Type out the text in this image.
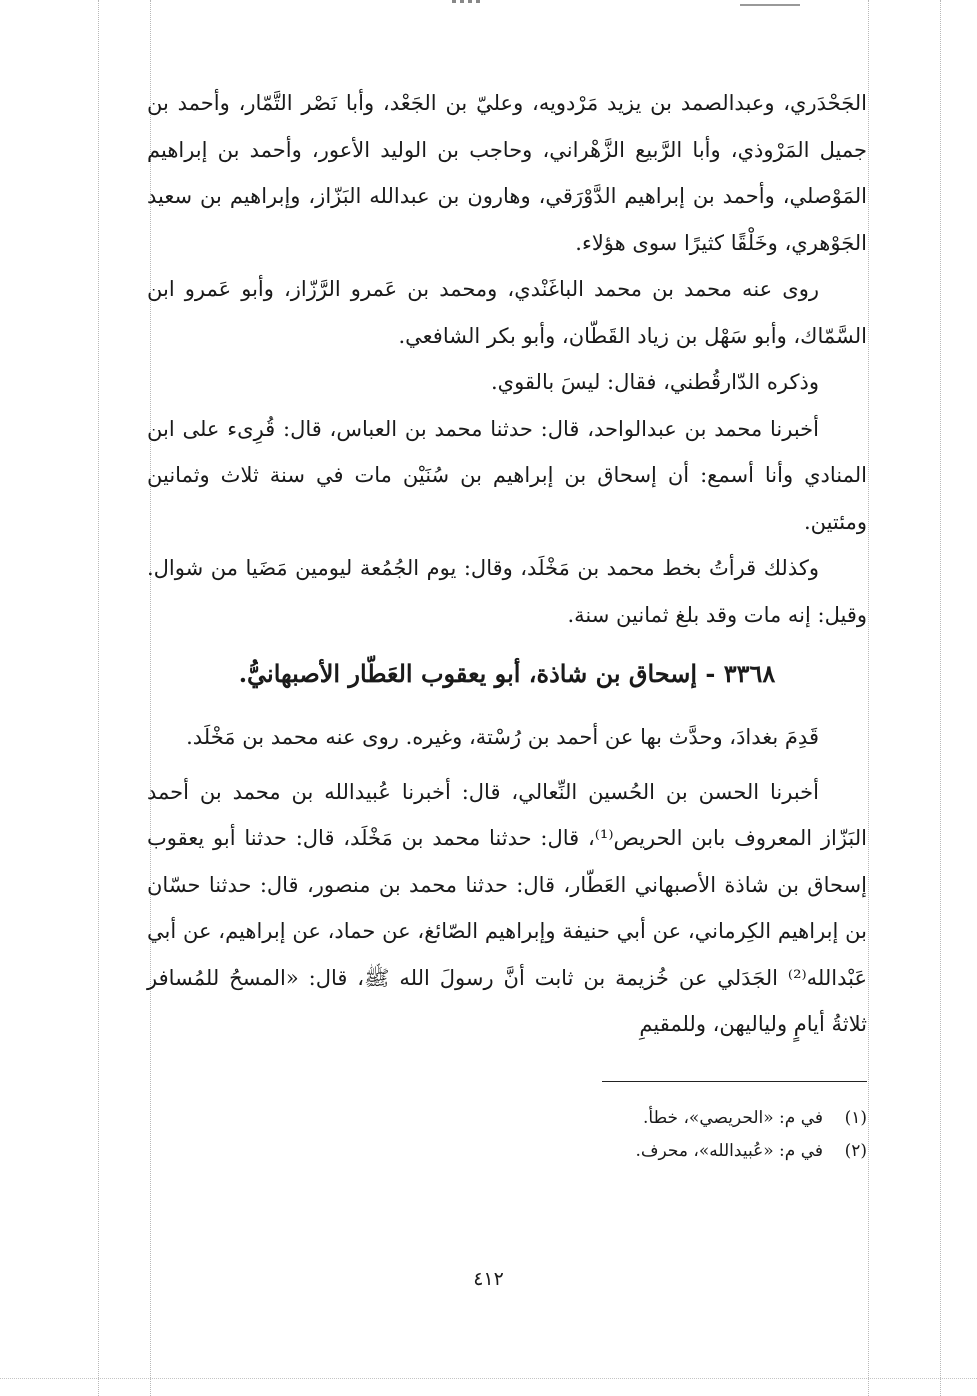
الجَحْدَري، وعبدالصمد بن يزيد مَرْدويه، وعليّ بن الجَعْد، وأبا نَصْر التَّمّار، وأحمد بن جميل المَرْوذي، وأبا الرَّبيع الزَّهْراني، وحاجب بن الوليد الأعور، وأحمد بن إبراهيم المَوْصلي، وأحمد بن إبراهيم الدَّوْرَقي، وهارون بن عبدالله البَزّاز، وإبراهيم بن سعيد الجَوْهري، وخَلْقًا كثيرًا سوى هؤلاء.

روى عنه محمد بن محمد الباغَنْدي، ومحمد بن عَمرو الرَّزّاز، وأبو عَمرو ابن السَّمّاك، وأبو سَهْل بن زياد القَطّان، وأبو بكر الشافعي.

وذكره الدّارقُطني، فقال: ليسَ بالقوي.

أخبرنا محمد بن عبدالواحد، قال: حدثنا محمد بن العباس، قال: قُرِىء على ابن المنادي وأنا أسمع: أن إسحاق بن إبراهيم بن سُنَيْن مات في سنة ثلاث وثمانين ومئتين.

وكذلك قرأتُ بخط محمد بن مَخْلَد، وقال: يوم الجُمُعة ليومين مَضَيا من شوال. وقيل: إنه مات وقد بلغ ثمانين سنة.

٣٣٦٨ - إسحاق بن شاذة، أبو يعقوب العَطّار الأصبهانيُّ.

قَدِمَ بغدادَ، وحدَّث بها عن أحمد بن رُسْتة، وغيره. روى عنه محمد بن مَخْلَد.

أخبرنا الحسن بن الحُسين النِّعالي، قال: أخبرنا عُبيدالله بن محمد بن أحمد البَزّاز المعروف بابن الحريص⁽¹⁾، قال: حدثنا محمد بن مَخْلَد، قال: حدثنا أبو يعقوب إسحاق بن شاذة الأصبهاني العَطّار، قال: حدثنا محمد بن منصور، قال: حدثنا حسّان بن إبراهيم الكِرماني، عن أبي حنيفة وإبراهيم الصّائغ، عن حماد، عن إبراهيم، عن أبي عَبْدالله⁽²⁾ الجَدَلي عن خُزيمة بن ثابت أنَّ رسولَ الله ﷺ، قال: «المسحُ للمُسافر ثلاثةُ أيامٍ ولياليهن، وللمقيمِ

(١)في م: «الحريصي»، خطأ.
(٢)في م: «عُبيدالله»، محرف.
٤١٢
